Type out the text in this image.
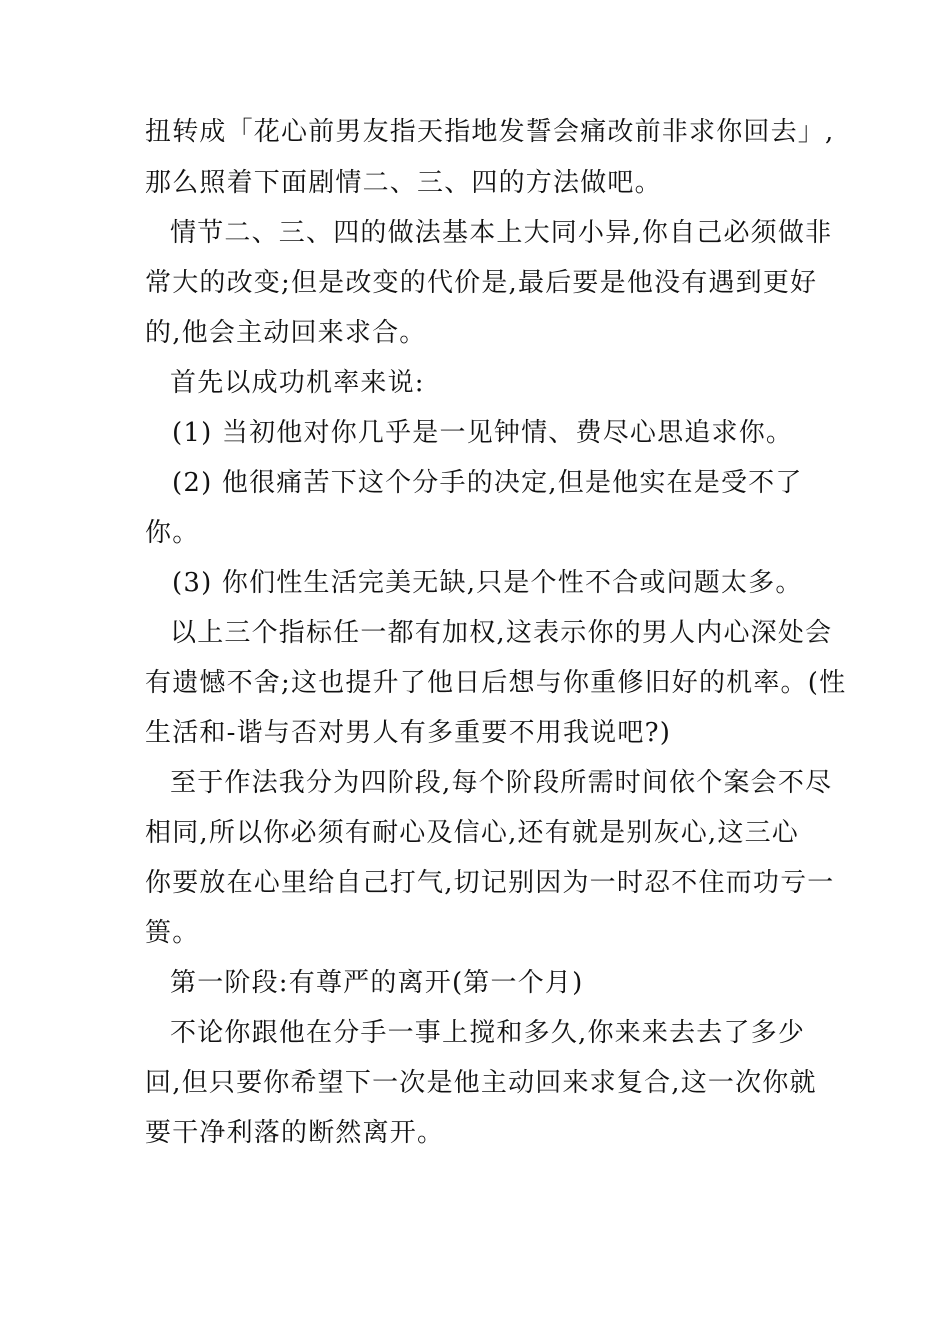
扭转成「花心前男友指天指地发誓会痛改前非求你回去」,
那么照着下面剧情二、三、四的方法做吧。
情节二、三、四的做法基本上大同小异,你自己必须做非
常大的改变;但是改变的代价是,最后要是他没有遇到更好
的,他会主动回来求合。
首先以成功机率来说:
(1) 当初他对你几乎是一见钟情、费尽心思追求你。
(2) 他很痛苦下这个分手的决定,但是他实在是受不了
你。
(3) 你们性生活完美无缺,只是个性不合或问题太多。
以上三个指标任一都有加权,这表示你的男人内心深处会
有遗憾不舍;这也提升了他日后想与你重修旧好的机率。(性
生活和-谐与否对男人有多重要不用我说吧?)
至于作法我分为四阶段,每个阶段所需时间依个案会不尽
相同,所以你必须有耐心及信心,还有就是别灰心,这三心
你要放在心里给自己打气,切记别因为一时忍不住而功亏一
篑。
第一阶段:有尊严的离开(第一个月)
不论你跟他在分手一事上搅和多久,你来来去去了多少
回,但只要你希望下一次是他主动回来求复合,这一次你就
要干净利落的断然离开。
